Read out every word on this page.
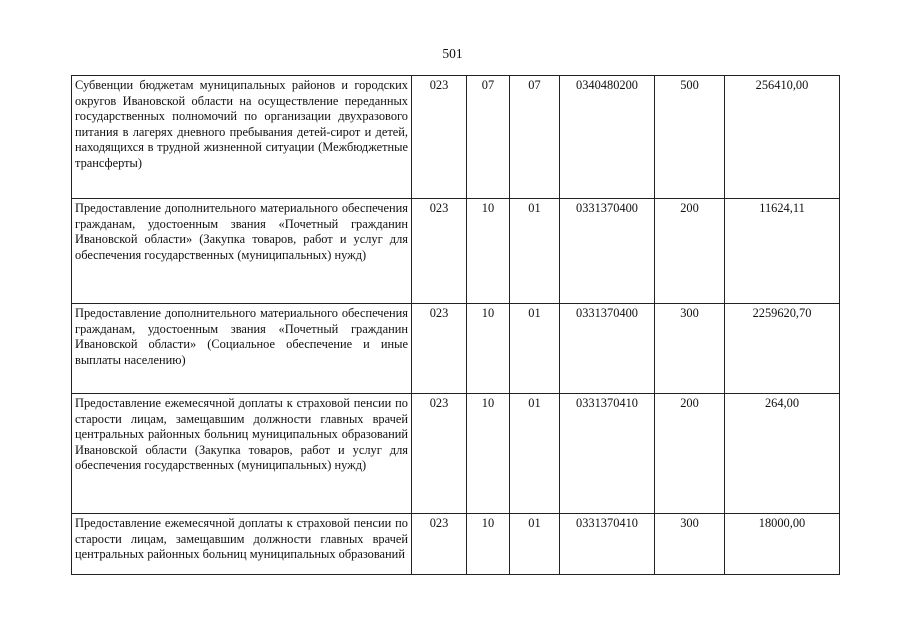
501
Субвенции бюджетам муниципальных районов и городских округов Ивановской области на осуществление переданных государственных полномочий по организации двухразового питания в лагерях дневного пребывания детей-сирот и детей, находящихся в трудной жизненной ситуации (Межбюджетные трансферты)	023	07	07	0340480200	500	256410,00
Предоставление дополнительного материального обеспечения гражданам, удостоенным звания «Почетный гражданин Ивановской области» (Закупка товаров, работ и услуг для обеспечения государственных (муниципальных) нужд)	023	10	01	0331370400	200	11624,11
Предоставление дополнительного материального обеспечения гражданам, удостоенным звания «Почетный гражданин Ивановской области» (Социальное обеспечение и иные выплаты населению)	023	10	01	0331370400	300	2259620,70
Предоставление ежемесячной доплаты к страховой пенсии по старости лицам, замещавшим должности главных врачей центральных районных больниц муниципальных образований Ивановской области (Закупка товаров, работ и услуг для обеспечения государственных (муниципальных) нужд)	023	10	01	0331370410	200	264,00

Предоставление ежемесячной доплаты к страховой пенсии по старости лицам, замещавшим должности главных врачей центральных районных больниц муниципальных образований	023	10	01	0331370410	300	18000,00
